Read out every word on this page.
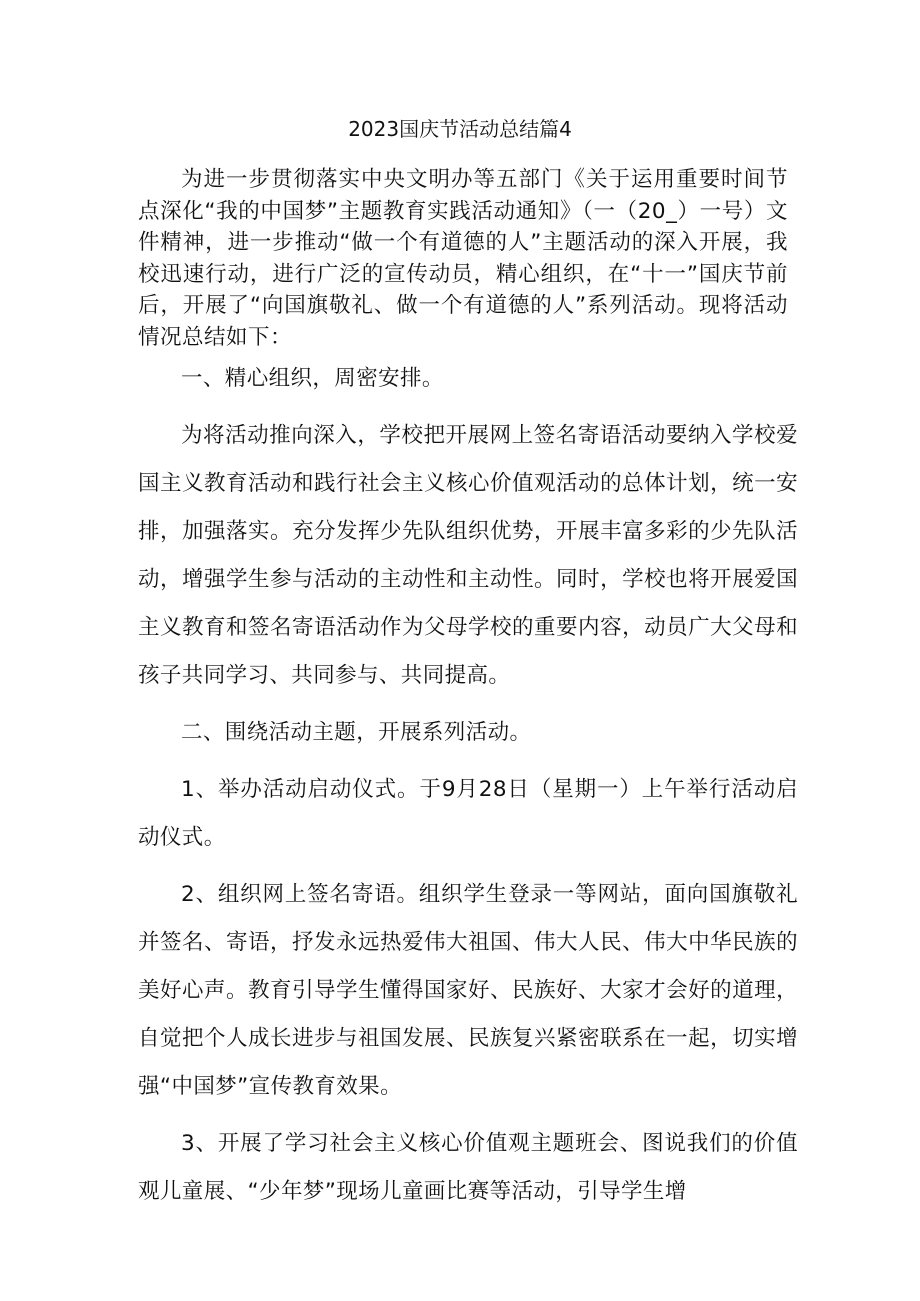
2023国庆节活动总结篇4

为进一步贯彻落实中央文明办等五部门《关于运用重要时间节点深化“我的中国梦”主题教育实践活动通知》（一（20_）一号）文件精神，进一步推动“做一个有道德的人”主题活动的深入开展，我校迅速行动，进行广泛的宣传动员，精心组织，在“十一”国庆节前后，开展了“向国旗敬礼、做一个有道德的人”系列活动。现将活动情况总结如下：

一、精心组织，周密安排。

为将活动推向深入，学校把开展网上签名寄语活动要纳入学校爱国主义教育活动和践行社会主义核心价值观活动的总体计划，统一安排，加强落实。充分发挥少先队组织优势，开展丰富多彩的少先队活动，增强学生参与活动的主动性和主动性。同时，学校也将开展爱国主义教育和签名寄语活动作为父母学校的重要内容，动员广大父母和孩子共同学习、共同参与、共同提高。

二、围绕活动主题，开展系列活动。

1、举办活动启动仪式。于9月28日（星期一）上午举行活动启动仪式。

2、组织网上签名寄语。组织学生登录一等网站，面向国旗敬礼并签名、寄语，抒发永远热爱伟大祖国、伟大人民、伟大中华民族的美好心声。教育引导学生懂得国家好、民族好、大家才会好的道理，自觉把个人成长进步与祖国发展、民族复兴紧密联系在一起，切实增强“中国梦”宣传教育效果。

3、开展了学习社会主义核心价值观主题班会、图说我们的价值观儿童展、“少年梦”现场儿童画比赛等活动，引导学生增
